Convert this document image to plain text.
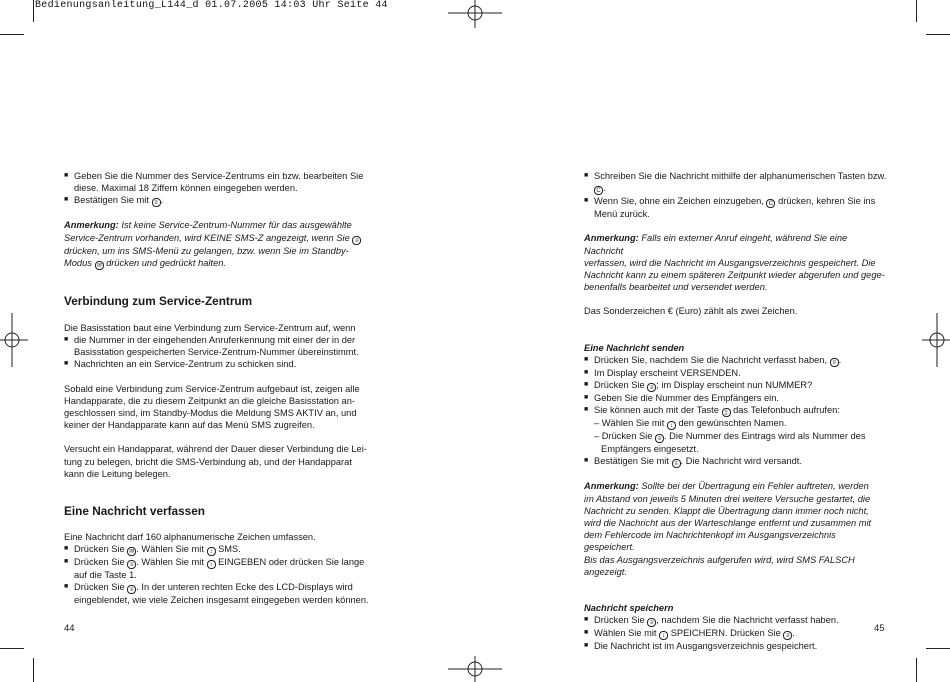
Bedienungsanleitung_L144_d 01.07.2005 14:03 Uhr Seite 44

■ Geben Sie die Nummer des Service-Zentrums ein bzw. bearbeiten Sie
diese. Maximal 18 Ziffern können eingegeben werden.

■ Bestätigen Sie mit ≡ .

Anmerkung: Ist keine Service-Zentrum-Nummer für das ausgewählte
Service-Zentrum vorhanden, wird KEINE SMS-Z angezeigt, wenn Sie ≡
drücken, um ins SMS-Menü zu gelangen, bzw. wenn Sie im Standby-
Modus ✉ drücken und gedrückt halten.

Verbindung zum Service-Zentrum

Die Basisstation baut eine Verbindung zum Service-Zentrum auf, wenn

■ die Nummer in der eingehenden Anruferkennung mit einer der in der
Basisstation gespeicherten Service-Zentrum-Nummer übereinstimmt.

■ Nachrichten an ein Service-Zentrum zu schicken sind.

Sobald eine Verbindung zum Service-Zentrum aufgebaut ist, zeigen alle
Handapparate, die zu diesem Zeitpunkt an die gleiche Basisstation an-
geschlossen sind, im Standby-Modus die Meldung SMS AKTIV an, und
keiner der Handapparate kann auf das Menü SMS zugreifen.

Versucht ein Handapparat, während der Dauer dieser Verbindung die Lei-
tung zu belegen, bricht die SMS-Verbindung ab, und der Handapparat
kann die Leitung belegen.

Eine Nachricht verfassen

Eine Nachricht darf 160 alphanumerische Zeichen umfassen.

■ Drücken Sie ✉ . Wählen Sie mit ↕ SMS.

■ Drücken Sie ≡ . Wählen Sie mit ↕ EINGEBEN oder drücken Sie lange
auf die Taste 1.

■ Drücken Sie ≡ . In der unteren rechten Ecke des LCD-Displays wird
eingeblendet, wie viele Zeichen insgesamt eingegeben werden können.

44

■ Schreiben Sie die Nachricht mithilfe der alphanumerischen Tasten bzw.
C .

■ Wenn Sie, ohne ein Zeichen einzugeben, C drücken, kehren Sie ins
Menü zurück.

Anmerkung: Falls ein externer Anruf eingeht, während Sie eine Nachricht
verfassen, wird die Nachricht im Ausgangsverzeichnis gespeichert. Die
Nachricht kann zu einem späteren Zeitpunkt wieder abgerufen und gege-
benenfalls bearbeitet und versendet werden.

Das Sonderzeichen € (Euro) zählt als zwei Zeichen.

Eine Nachricht senden

■ Drücken Sie, nachdem Sie die Nachricht verfasst haben, ≡ .

■ Im Display erscheint VERSENDEN.

■ Drücken Sie ≡ ; im Display erscheint nun NUMMER?

■ Geben Sie die Nummer des Empfängers ein.

■ Sie können auch mit der Taste ▯ das Telefonbuch aufrufen:

– Wählen Sie mit ↕ den gewünschten Namen.

– Drücken Sie ≡ . Die Nummer des Eintrags wird als Nummer des

Empfängers eingesetzt.

■ Bestätigen Sie mit ≡ . Die Nachricht wird versandt.

Anmerkung: Sollte bei der Übertragung ein Fehler auftreten, werden
im Abstand von jeweils 5 Minuten drei weitere Versuche gestartet, die
Nachricht zu senden. Klappt die Übertragung dann immer noch nicht,
wird die Nachricht aus der Warteschlange entfernt und zusammen mit
dem Fehlercode im Nachrichtenkopf im Ausgangsverzeichnis gespeichert.
Bis das Ausgangsverzeichnis aufgerufen wird, wird SMS FALSCH angezeigt.

Nachricht speichern

■ Drücken Sie ≡ , nachdem Sie die Nachricht verfasst haben.

■ Wählen Sie mit ↕ SPEICHERN. Drücken Sie ≡ .

■ Die Nachricht ist im Ausgangsverzeichnis gespeichert.

45
